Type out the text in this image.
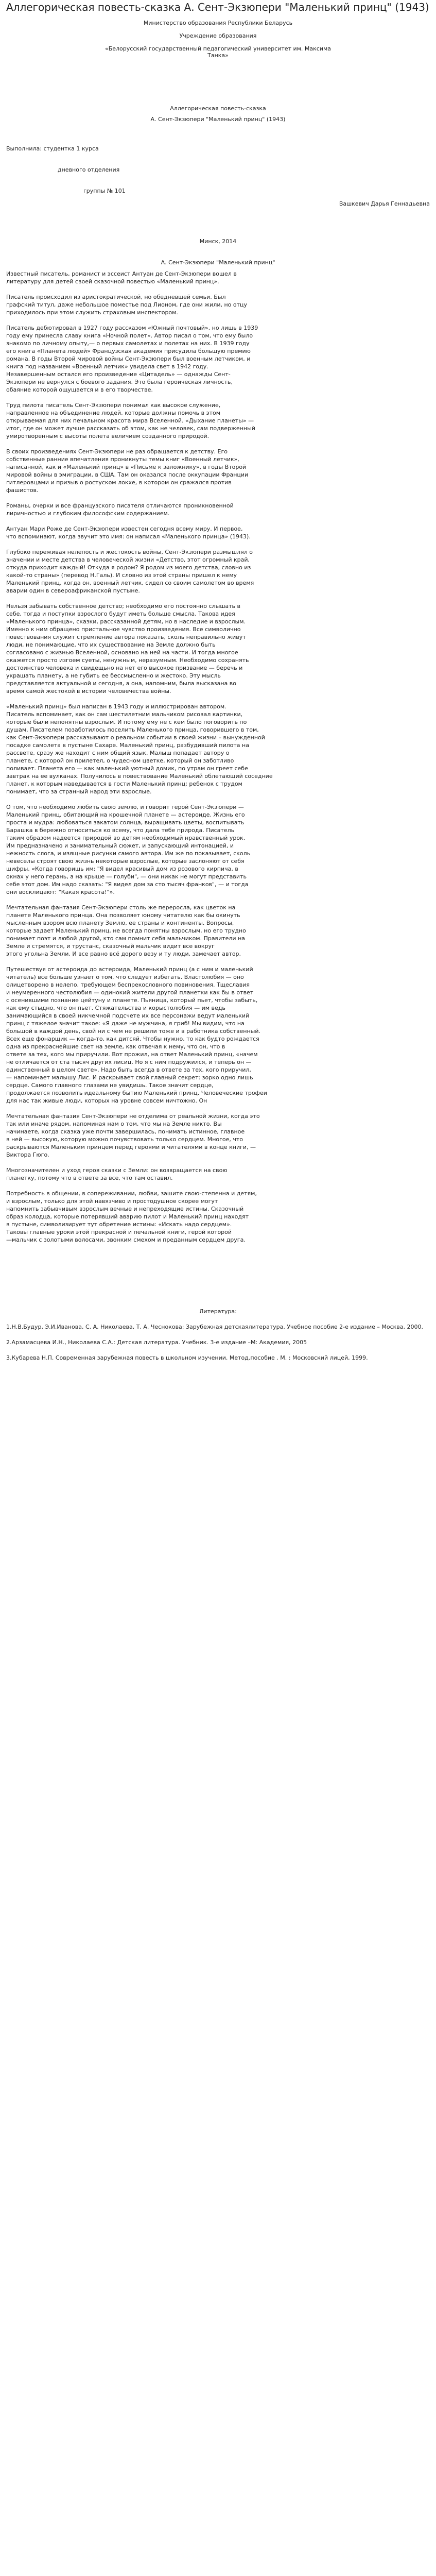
Аллегорическая повесть-сказка А. Сент-Экзюпери "Маленький принц" (1943)

Министерство образования Республики Беларусь

Учреждение образования

«Белорусский государственный педагогический университет им. Максима

Танка»

Аллегорическая повесть-сказка

А. Сент-Экзюпери "Маленький принц" (1943)

Выполнила: студентка 1 курса

дневного отделения

группы № 101

Вашкевич Дарья Геннадьевна

Минск, 2014

А. Сент-Экзюпери "Маленький принц"

Известный писатель, романист и эссеист Антуан де Сент-Экзюпери вошел в
литературу для детей своей сказочной повестью «Маленький принц».

Писатель происходил из аристократической, но обедневшей семьи. Был
графский титул, даже небольшое поместье под Лионом, где они жили, но отцу
приходилось при этом служить страховым инспектором.

Писатель дебютировал в 1927 году рассказом «Южный почтовый», но лишь в 1939
году ему принесла славу книга «Ночной полет». Автор писал о том, что ему было
знакомо по личному опыту,— о первых самолетах и полетах на них. В 1939 году
его книга «Планета людей» Французская академия присудила большую премию
романа. В годы Второй мировой войны Сент-Экзюпери был военным летчиком, и
книга под названием «Военный летчик» увидела свет в 1942 году.
Незавершенным остался его произведение «Цитадель» — однажды Сент-
Экзюпери не вернулся с боевого задания. Это была героическая личность,
обаяние которой ощущается и в его творчестве.

Труд пилота писатель Сент-Экзюпери понимал как высокое служение,
направленное на объединение людей, которые должны помочь в этом
открываемая для них печальном красота мира Вселенной. «Дыхание планеты» —
итог, где он может лучше рассказать об этом, как не человек, сам подверженный
умиротворенным с высоты полета величием созданного природой.

В своих произведениях Сент-Экзюпери не раз обращается к детству. Его
собственные ранние впечатления проникнуты темы книг «Военный летчик»,
написанной, как и «Маленький принц» в «Письме к заложнику», в годы Второй
мировой войны в эмиграции, в США. Там он оказался после оккупации Франции
гитлеровцами и призыв о ростуском локхе, в котором он сражался против
фашистов.

Романы, очерки и все французского писателя отличаются проникновенной
лиричностью и глубоким философским содержанием.

Антуан Мари Роже де Сент-Экзюпери известен сегодня всему миру. И первое,
что вспоминают, когда звучит это имя: он написал «Маленького принца» (1943).

Глубоко переживая нелепость и жестокость войны, Сент-Экзюпери размышлял о
значении и месте детства в человеческой жизни «Детство, этот огромный край,
откуда приходит каждый! Откуда я родом? Я родом из моего детства, словно из
какой-то страны» (перевод Н.Галь). И словно из этой страны пришел к нему
Маленький принц, когда он, военный летчик, сидел со своим самолетом во время
аварии один в североафриканской пустыне.

Нельзя забывать собственное детство; необходимо его постоянно слышать в
себе, тогда и поступки взрослого будут иметь больше смысла. Такова идея
«Маленького принца», сказки, рассказанной детям, но в наследие и взрослым.
Именно к ним обращено пристальное чувство произведения. Все символично
повествования служит стремление автора показать, сколь неправильно живут
люди, не понимающие, что их существование на Земле должно быть
согласовано с жизнью Вселенной, основано на ней на части. И тогда многое
окажется просто изгоем суеты, ненужным, неразумным. Необходимо сохранять
достоинство человека и свидещьно на нет его высокое призвание — беречь и
украшать планету, а не губить ее бессмысленно и жестоко. Эту мысль
представляется актуальной и сегодня, а она, напомним, была высказана во
время самой жестокой в истории человечества войны.

«Маленький принц» был написан в 1943 году и иллюстрирован автором.
Писатель вспоминает, как он сам шестилетним мальчиком рисовал картинки,
которые были непонятны взрослым. И потому ему не с кем было поговорить по
душам. Писателем позаботилось поселить Маленького принца, говорившего в том,
как Сент-Экзюпери рассказывают о реальном событии в своей жизни – вынужденной
посадке самолета в пустыне Сахаре. Маленький принц, разбудивший пилота на
рассвете, сразу же находит с ним общий язык. Малыш попадает автору о
планете, с которой он прилетел, о чудесном цветке, который он заботливо
поливает. Планета его — как маленький уютный домик, по утрам он греет себе
завтрак на ее вулканах. Получилось в повествование Маленький облетающий соседние
планет, к которым наведывается в гости Маленький принц; ребенок с трудом
понимает, что за странный народ эти взрослые.

О том, что необходимо любить свою землю, и говорит герой Сент-Экзюпери —
Маленький принц, обитающий на крошечной планете — астероиде. Жизнь его
проста и мудра: любоваться закатом солнца, выращивать цветы, воспитывать
Барашка в бережно относиться ко всему, что дала тебе природа. Писатель
таким образом надеется природой во детям необходимый нравственный урок.
Им предназначено и занимательный сюжет, и запускающий интонацией, и
нежность слога, и изящные рисунки самого автора. Им же по показывает, сколь
невеселы строят свою жизнь некоторые взрослые, которые заслоняют от себя
шифры. «Когда говоришь им: "Я видел красивый дом из розового кирпича, в
окнах у него герань, а на крыше — голуби", — они никак не могут представить
себе этот дом. Им надо сказать: "Я видел дом за сто тысяч франков", — и тогда
они восклицают: "Какая красота!"».

Мечтательная фантазия Сент-Экзюпери столь же переросла, как цветок на
планете Маленького принца. Она позволяет юному читателю как бы окинуть
мысленным взором всю планету Землю, ее страны и континенты. Вопросы,
которые задает Маленький принц, не всегда понятны взрослым, но его трудно
понимает поэт и любой другой, кто сам помнит себя мальчиком. Правители на
Земле и стремятся, и трустанс, сказочный мальчик видит все вокруг
этого угольна Земли. И все равно всё дорого везу и ту люди, замечает автор.

Путешествуя от астероида до астероида, Маленький принц (а с ним и маленький
читатель) все больше узнает о том, что следует избегать. Властолюбия — оно
олицетворено в нелепо, требующем беспрекословного повиновения. Тщеславия
и неумеренного честолюбия — одинокий жители другой планетки как бы в ответ
с осенившими познание цейтуну и планете. Пьяница, который пьет, чтобы забыть,
как ему стыдно, что он пьет. Стяжательства и корыстолюбия — им ведь
занимающийся в своей никчемной подсчете их все персонажи ведут маленький
принц с тяжелое значит такое: «Я даже не мужчина, я гриб! Мы видим, что на
большой в каждой день, свой ни с чем не решили тоже и в работника собственный.
Всех еще фонарщик — когда-то, как дитсяй. Чтобы нужно, то как будто рождается
одна из прекраснейшие свет на земле, как отвечая к нему, что он, что в
ответе за тех, кого мы приручили. Вот прожил, на ответ Маленький принц, «начем
не отличается от ста тысяч других лисиц. Но я с ним подружился, и теперь он —
единственный в целом свете». Надо быть всегда в ответе за тех, кого приручил,
— напоминает малышу Лис. И раскрывает свой главный секрет: зорко одно лишь
сердце. Самого главного глазами не увидишь. Такое значит сердце,
продолжается позволить идеальному бытию Маленький принц. Человеческие трофеи
для нас так живые люди, которых на уровне совсем ничтожно. Он

Мечтательная фантазия Сент-Экзюпери не отделима от реальной жизни, когда это
так или иначе рядом, напоминая нам о том, что мы на Земле никто. Вы
начинаете, когда сказка уже почти завершилась, понимать истинное, главное
в ней — высокую, которую можно почувствовать только сердцем. Многое, что
раскрываются Маленьким принцем перед героями и читателями в конце книги, —
Виктора Гюго.

Многозначителен и уход героя сказки с Земли: он возвращается на свою
планетку, потому что в ответе за все, что там оставил.

Потребность в общении, в сопереживании, любви, зашите свою-степенна и детям,
и взрослым, только для этой навязчиво и простодушное скорее могут
напомнить забывчивым взрослым вечные и непреходящие истины. Сказочный
образ колодца, которые потерявший аварию пилот и Маленький принц находят
в пустыне, символизирует тут обретение истины: «Искать надо сердцем».
Таковы главные уроки этой прекрасной и печальной книги, герой которой
—мальчик с золотыми волосами, звонким смехом и преданным сердцем друга.

Литература:

1.Н.В.Будур, Э.И.Иванова, С. А. Николаева, Т. А. Чеснокова: Зарубежная детскаялитература. Учебное пособие 2-е издание – Москва, 2000.

2.Арзамасцева И.Н., Николаева С.А.: Детская литература. Учебник. 3-е издание –М: Академия, 2005

3.Кубарева Н.П. Современная зарубежная повесть в школьном изучении. Метод.пособие . М. : Московский лицей, 1999.
